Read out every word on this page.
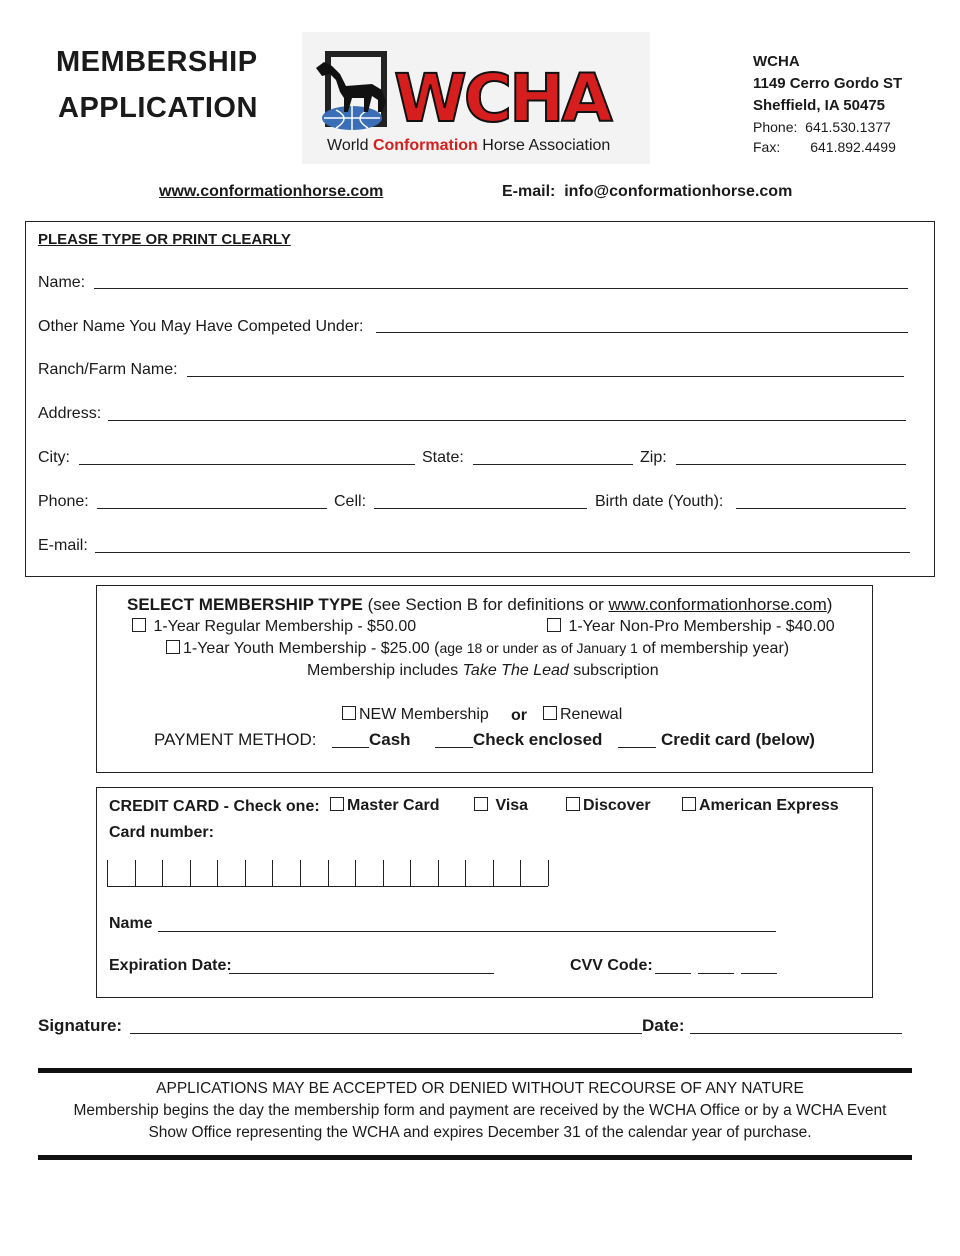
MEMBERSHIP
APPLICATION WCHA
World Conformation Horse Association
WCHA
1149 Cerro Gordo ST
Sheffield, IA 50475
Phone: 641.530.1377
Fax: 641.892.4499
www.conformationhorse.com	E-mail: info@conformationhorse.com
PLEASE TYPE OR PRINT CLEARLY
Name:
Other Name You May Have Competed Under:
Ranch/Farm Name:
Address:
City:	State:	Zip:
Phone:	Cell:	Birth date (Youth):
E-mail:
SELECT MEMBERSHIP TYPE (see Section B for definitions or www.conformationhorse.com)
1-Year Regular Membership - $50.00	1-Year Non-Pro Membership - $40.00
1-Year Youth Membership - $25.00 (age 18 or under as of January 1 of membership year)
Membership includes Take The Lead subscription
NEW Membership or	Renewal
PAYMENT METHOD:	Cash	Check enclosed	Credit card (below)
CREDIT CARD - Check one:	Master Card	Visa	Discover	American Express
Card number:
Name
Expiration Date:	CVV Code:
Signature:	Date:
APPLICATIONS MAY BE ACCEPTED OR DENIED WITHOUT RECOURSE OF ANY NATURE
Membership begins the day the membership form and payment are received by the WCHA Office or by a WCHA Event
Show Office representing the WCHA and expires December 31 of the calendar year of purchase.
